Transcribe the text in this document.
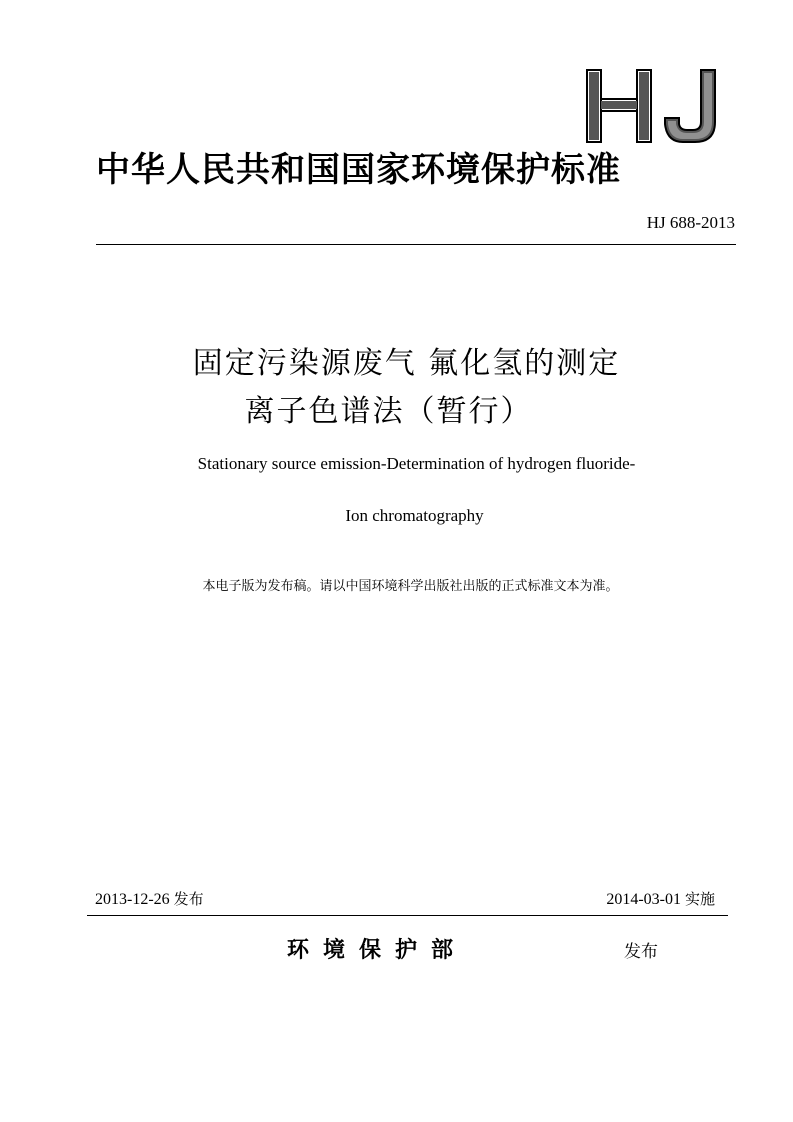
中华人民共和国国家环境保护标准
HJ 688-2013
固定污染源废气 氟化氢的测定
离子色谱法（暂行）
Stationary source emission-Determination of hydrogen fluoride-
Ion chromatography
本电子版为发布稿。请以中国环境科学出版社出版的正式标准文本为准。
2013-12-26 发布	2014-03-01 实施
环境保护部	发布
